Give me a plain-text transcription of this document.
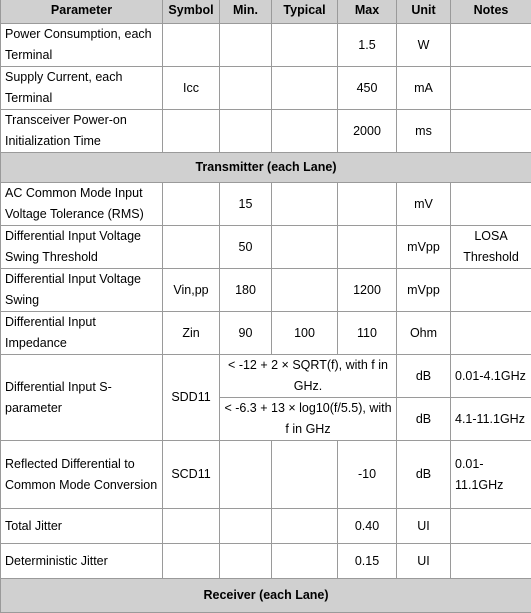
Parameter	Symbol	Min.	Typical	Max	Unit	Notes
Power Consumption, each Terminal				1.5	W	
Supply Current, each Terminal	Icc			450	mA	
Transceiver Power-on Initialization Time				2000	ms	
Transmitter (each Lane)						
AC Common Mode Input Voltage Tolerance (RMS)		15			mV	
Differential Input Voltage Swing Threshold		50			mVpp	LOSA Threshold
Differential Input Voltage Swing	Vin,pp	180		1200	mVpp	
Differential Input Impedance	Zin	90	100	110	Ohm	
Differential Input S-parameter	SDD11	< -12 + 2 × SQRT(f), with f in GHz.			dB	0.01-4.1GHz
		< -6.3 + 13 × log10(f/5.5), with f in GHz			dB	4.1-11.1GHz
Reflected Differential to Common Mode Conversion	SCD11			-10	dB	0.01-11.1GHz
Total Jitter				0.40	UI	
Deterministic Jitter				0.15	UI	
Receiver (each Lane)						
